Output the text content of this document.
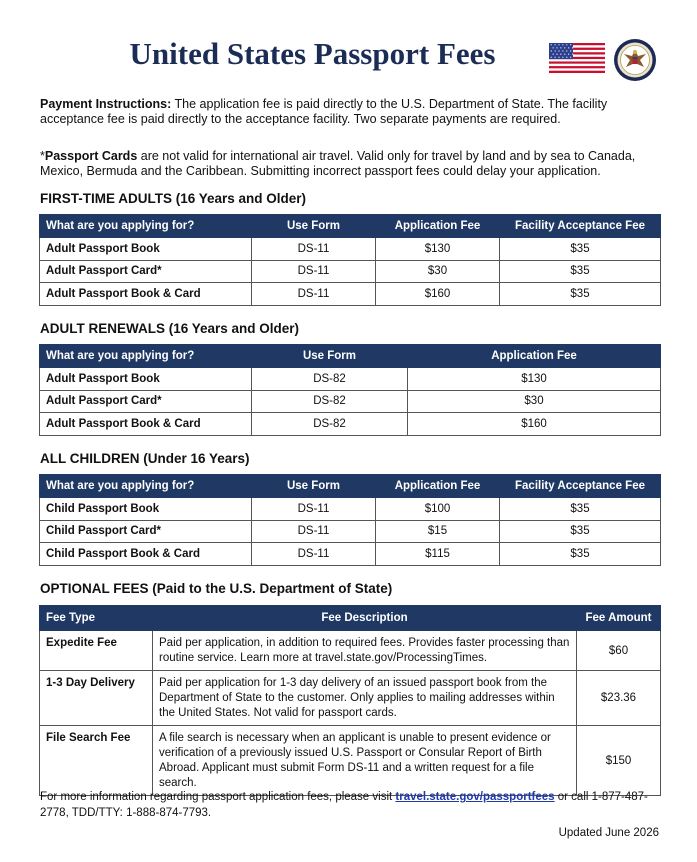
United States Passport Fees
Payment Instructions: The application fee is paid directly to the U.S. Department of State. The facility acceptance fee is paid directly to the acceptance facility. Two separate payments are required.
*Passport Cards are not valid for international air travel. Valid only for travel by land and by sea to Canada, Mexico, Bermuda and the Caribbean. Submitting incorrect passport fees could delay your application.
FIRST-TIME ADULTS (16 Years and Older)
What are you applying for?	Use Form	Application Fee	Facility Acceptance Fee
Adult Passport Book	DS-11	$130	$35
Adult Passport Card*	DS-11	$30	$35
Adult Passport Book & Card	DS-11	$160	$35
ADULT RENEWALS (16 Years and Older)
What are you applying for?	Use Form	Application Fee
Adult Passport Book	DS-82	$130
Adult Passport Card*	DS-82	$30
Adult Passport Book & Card	DS-82	$160
ALL CHILDREN (Under 16 Years)
What are you applying for?	Use Form	Application Fee	Facility Acceptance Fee
Child Passport Book	DS-11	$100	$35
Child Passport Card*	DS-11	$15	$35
Child Passport Book & Card	DS-11	$115	$35
OPTIONAL FEES (Paid to the U.S. Department of State)
Fee Type	Fee Description	Fee Amount
Expedite Fee	Paid per application, in addition to required fees. Provides faster processing than routine service. Learn more at travel.state.gov/ProcessingTimes.	$60
1-3 Day Delivery	Paid per application for 1-3 day delivery of an issued passport book from the Department of State to the customer. Only applies to mailing addresses within the United States. Not valid for passport cards.	$23.36
File Search Fee	A file search is necessary when an applicant is unable to present evidence or verification of a previously issued U.S. Passport or Consular Report of Birth Abroad. Applicant must submit Form DS-11 and a written request for a file search.	$150
For more information regarding passport application fees, please visit travel.state.gov/passportfees or call 1-877-487-2778, TDD/TTY: 1-888-874-7793.
Updated June 2026
